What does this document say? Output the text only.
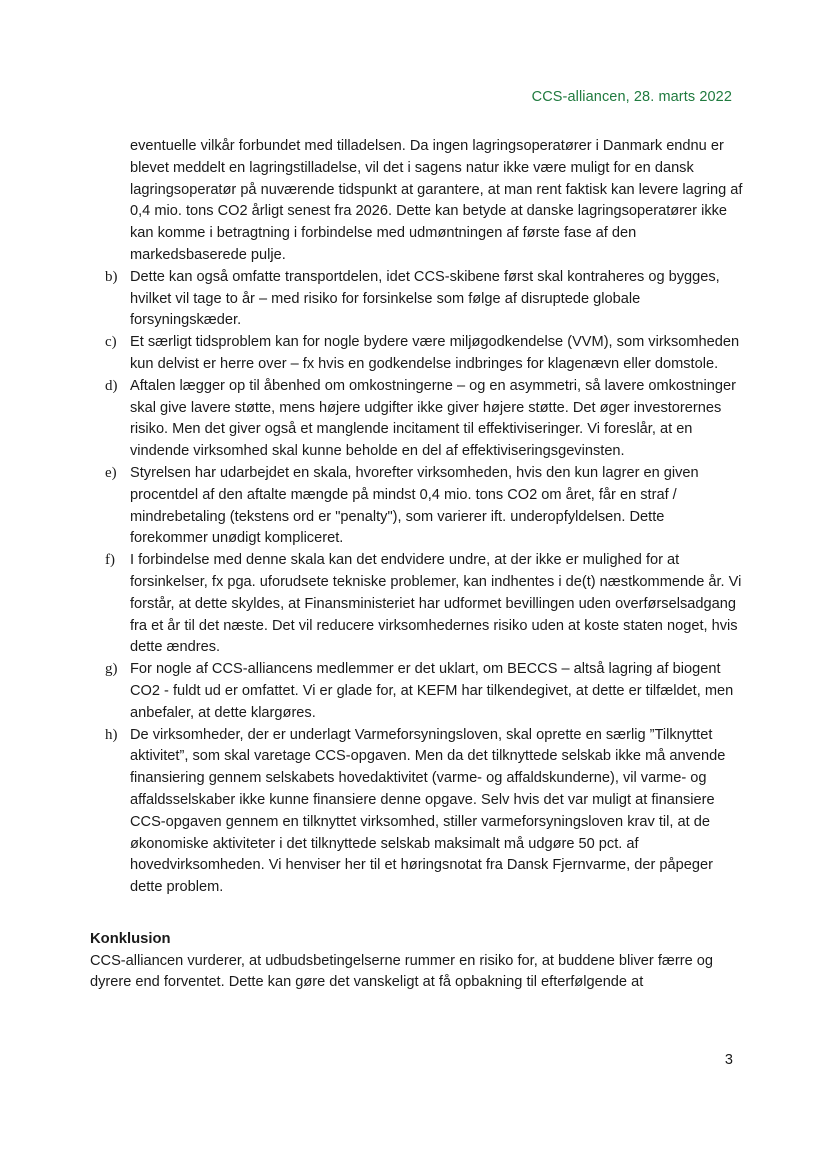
CCS-alliancen, 28. marts 2022

eventuelle vilkår forbundet med tilladelsen. Da ingen lagringsoperatører i Danmark endnu er blevet meddelt en lagringstilladelse, vil det i sagens natur ikke være muligt for en dansk lagringsoperatør på nuværende tidspunkt at garantere, at man rent faktisk kan levere lagring af 0,4 mio. tons CO2 årligt senest fra 2026. Dette kan betyde at danske lagringsoperatører ikke kan komme i betragtning i forbindelse med udmøntningen af første fase af den markedsbaserede pulje.

b) Dette kan også omfatte transportdelen, idet CCS-skibene først skal kontraheres og bygges, hvilket vil tage to år – med risiko for forsinkelse som følge af disruptede globale forsyningskæder.
c) Et særligt tidsproblem kan for nogle bydere være miljøgodkendelse (VVM), som virksomheden kun delvist er herre over – fx hvis en godkendelse indbringes for klagenævn eller domstole.
d) Aftalen lægger op til åbenhed om omkostningerne – og en asymmetri, så lavere omkostninger skal give lavere støtte, mens højere udgifter ikke giver højere støtte. Det øger investorernes risiko. Men det giver også et manglende incitament til effektiviseringer. Vi foreslår, at en vindende virksomhed skal kunne beholde en del af effektiviseringsgevinsten.
e) Styrelsen har udarbejdet en skala, hvorefter virksomheden, hvis den kun lagrer en given procentdel af den aftalte mængde på mindst 0,4 mio. tons CO2 om året, får en straf / mindrebetaling (tekstens ord er "penalty"), som varierer ift. underopfyldelsen. Dette forekommer unødigt kompliceret.
f) I forbindelse med denne skala kan det endvidere undre, at der ikke er mulighed for at forsinkelser, fx pga. uforudsete tekniske problemer, kan indhentes i de(t) næstkommende år. Vi forstår, at dette skyldes, at Finansministeriet har udformet bevillingen uden overførselsadgang fra et år til det næste. Det vil reducere virksomhedernes risiko uden at koste staten noget, hvis dette ændres.
g) For nogle af CCS-alliancens medlemmer er det uklart, om BECCS – altså lagring af biogent CO2 - fuldt ud er omfattet. Vi er glade for, at KEFM har tilkendegivet, at dette er tilfældet, men anbefaler, at dette klargøres.
h) De virksomheder, der er underlagt Varmeforsyningsloven, skal oprette en særlig ”Tilknyttet aktivitet”, som skal varetage CCS-opgaven. Men da det tilknyttede selskab ikke må anvende finansiering gennem selskabets hovedaktivitet (varme- og affaldskunderne), vil varme- og affaldsselskaber ikke kunne finansiere denne opgave. Selv hvis det var muligt at finansiere CCS-opgaven gennem en tilknyttet virksomhed, stiller varmeforsyningsloven krav til, at de økonomiske aktiviteter i det tilknyttede selskab maksimalt må udgøre 50 pct. af hovedvirksomheden. Vi henviser her til et høringsnotat fra Dansk Fjernvarme, der påpeger dette problem.
Konklusion

CCS-alliancen vurderer, at udbudsbetingelserne rummer en risiko for, at buddene bliver færre og dyrere end forventet. Dette kan gøre det vanskeligt at få opbakning til efterfølgende at

3
